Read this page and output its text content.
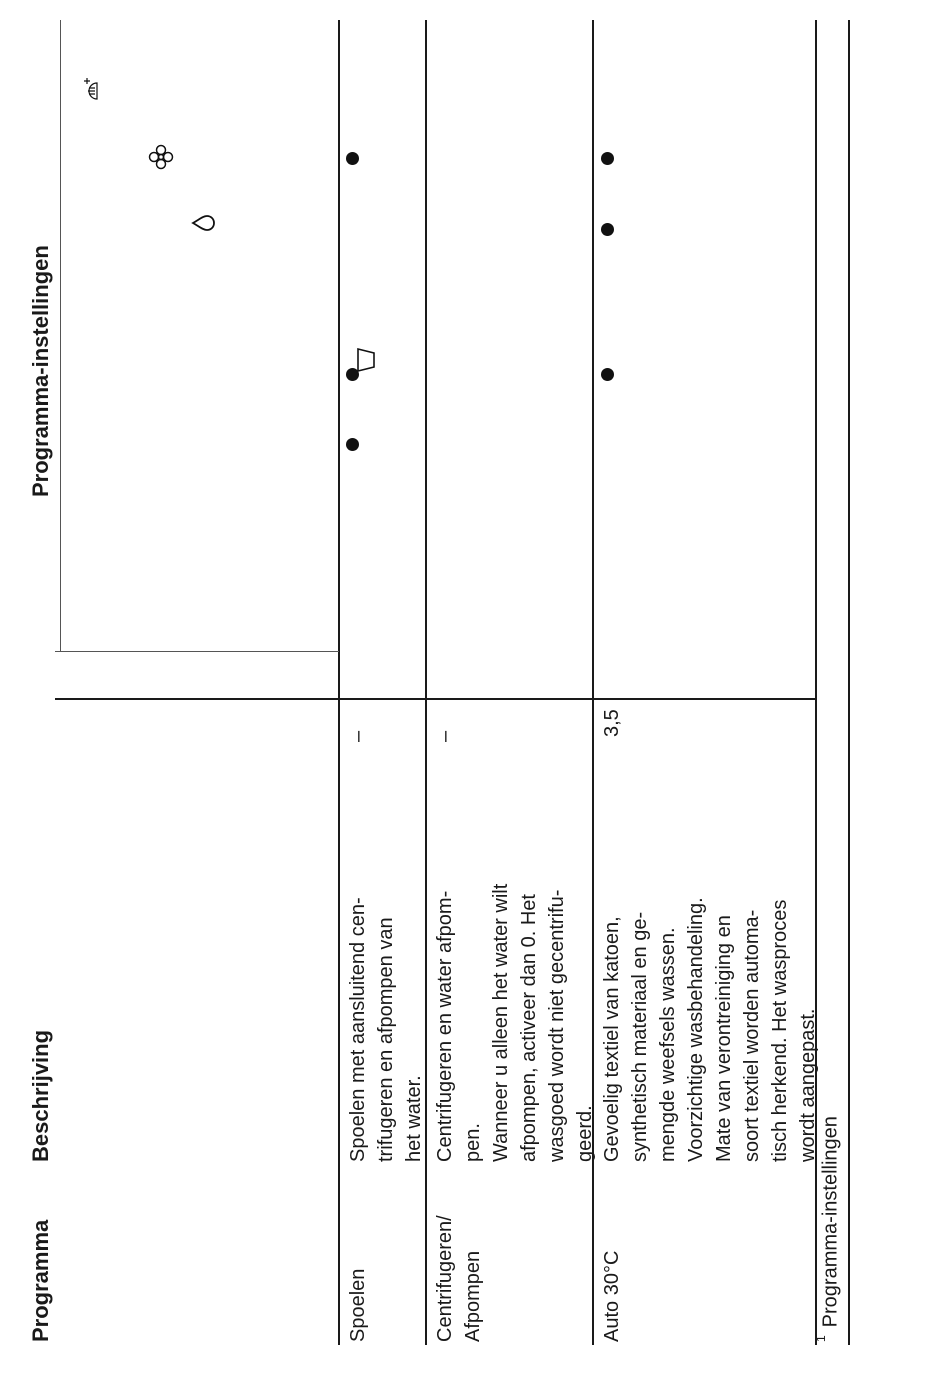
Programma
Beschrijving
Programma-instellingen
Spoelen
Spoelen met aansluitend cen- trifugeren en afpompen van het water.
–
Centrifugeren/ Afpompen
Centrifugeren en water afpom- pen. Wanneer u alleen het water wilt afpompen, activeer dan 0. Het wasgoed wordt niet gecentrifu- geerd.
–
Auto 30°C
Gevoelig textiel van katoen, synthetisch materiaal en ge- mengde weefsels wassen. Voorzichtige wasbehandeling. Mate van verontreiniging en soort textiel worden automa- tisch herkend. Het wasproces wordt aangepast.
3,5
$^1$Programma-instellingen
